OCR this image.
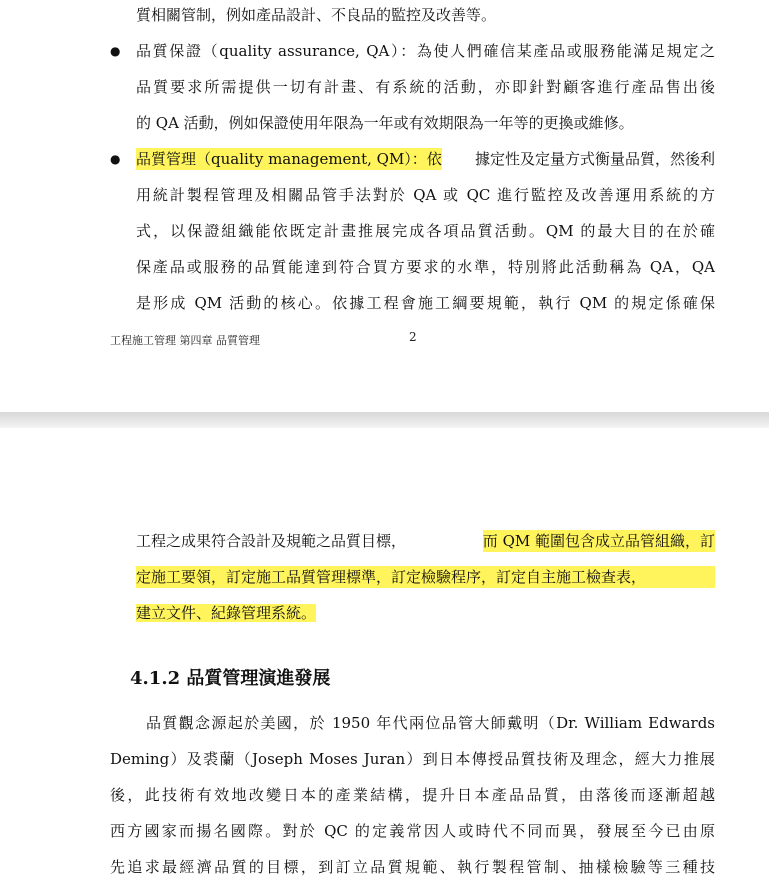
質相關管制，例如產品設計、不良品的監控及改善等。
● 品質保證（quality assurance, QA）：為使人們確信某產品或服務能滿足規定之
品質要求所需提供一切有計畫、有系統的活動，亦即針對顧客進行產品售出後
的 QA 活動，例如保證使用年限為一年或有效期限為一年等的更換或維修。
● 品質管理（quality management, QM）：依 據定性及定量方式衡量品質，然後利
用統計製程管理及相關品管手法對於 QA 或 QC 進行監控及改善運用系統的方
式，以保證組織能依既定計畫推展完成各項品質活動。QM 的最大目的在於確
保產品或服務的品質能達到符合買方要求的水準，特別將此活動稱為 QA，QA
是形成 QM 活動的核心。依據工程會施工綱要規範，執行 QM 的規定係確保
工程施工管理 第四章 品質管理	2
工程之成果符合設計及規範之品質目標，	而 QM 範圍包含成立品管組織，訂
定施工要領，訂定施工品質管理標準，訂定檢驗程序，訂定自主施工檢查表，
建立文件、紀錄管理系統。
4.1.2 品質管理演進發展
品質觀念源起於美國，於 1950 年代兩位品管大師戴明（Dr. William Edwards
Deming）及裘蘭（Joseph Moses Juran）到日本傳授品質技術及理念，經大力推展
後，此技術有效地改變日本的產業結構，提升日本產品品質，由落後而逐漸超越
西方國家而揚名國際。對於 QC 的定義常因人或時代不同而異，發展至今已由原
先追求最經濟品質的目標，到訂立品質規範、執行製程管制、抽樣檢驗等三種技
